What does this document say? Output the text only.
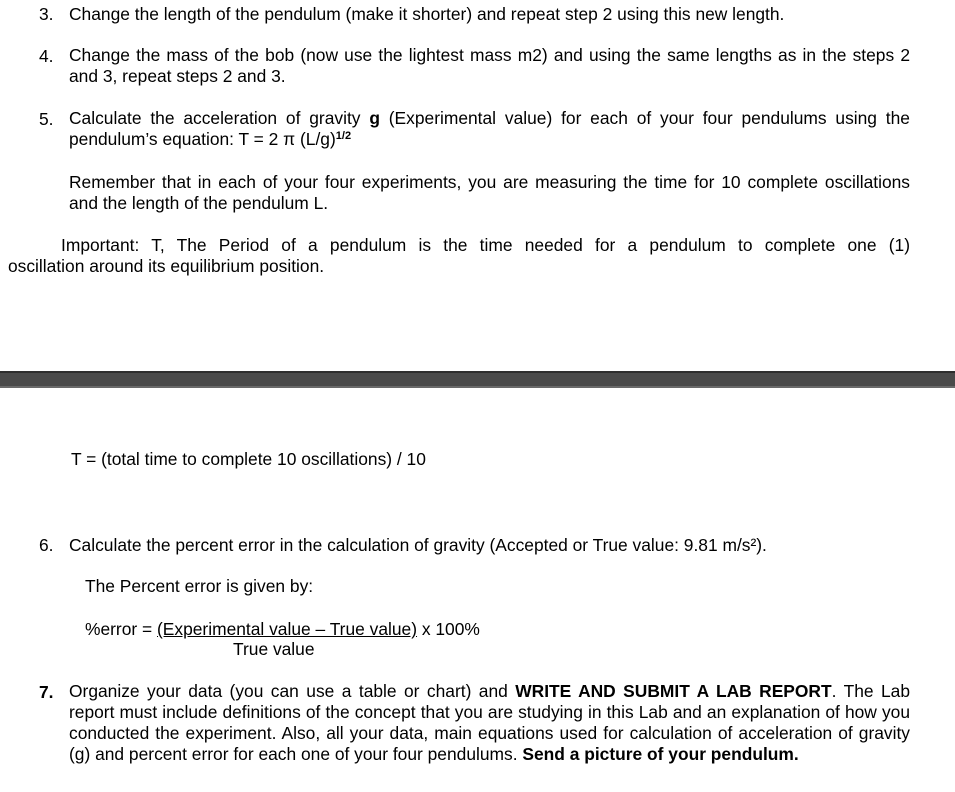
3. Change the length of the pendulum (make it shorter) and repeat step 2 using this new length.
4. Change the mass of the bob (now use the lightest mass m2) and using the same lengths as in the steps 2 and 3, repeat steps 2 and 3.
5. Calculate the acceleration of gravity g (Experimental value) for each of your four pendulums using the pendulum’s equation: T = 2 π $(L/g)^{1/2}$
Remember that in each of your four experiments, you are measuring the time for 10 complete oscillations and the length of the pendulum L.
Important: T, The Period of a pendulum is the time needed for a pendulum to complete one (1)
oscillation around its equilibrium position.
T = (total time to complete 10 oscillations) / 10
6. Calculate the percent error in the calculation of gravity (Accepted or True value: 9.81 m/s²).
The Percent error is given by:
%error = (Experimental value – True value) x 100%
True value
7. Organize your data (you can use a table or chart) and WRITE AND SUBMIT A LAB REPORT. The Lab report must include definitions of the concept that you are studying in this Lab and an explanation of how you conducted the experiment. Also, all your data, main equations used for calculation of acceleration of gravity (g) and percent error for each one of your four pendulums. Send a picture of your pendulum.
